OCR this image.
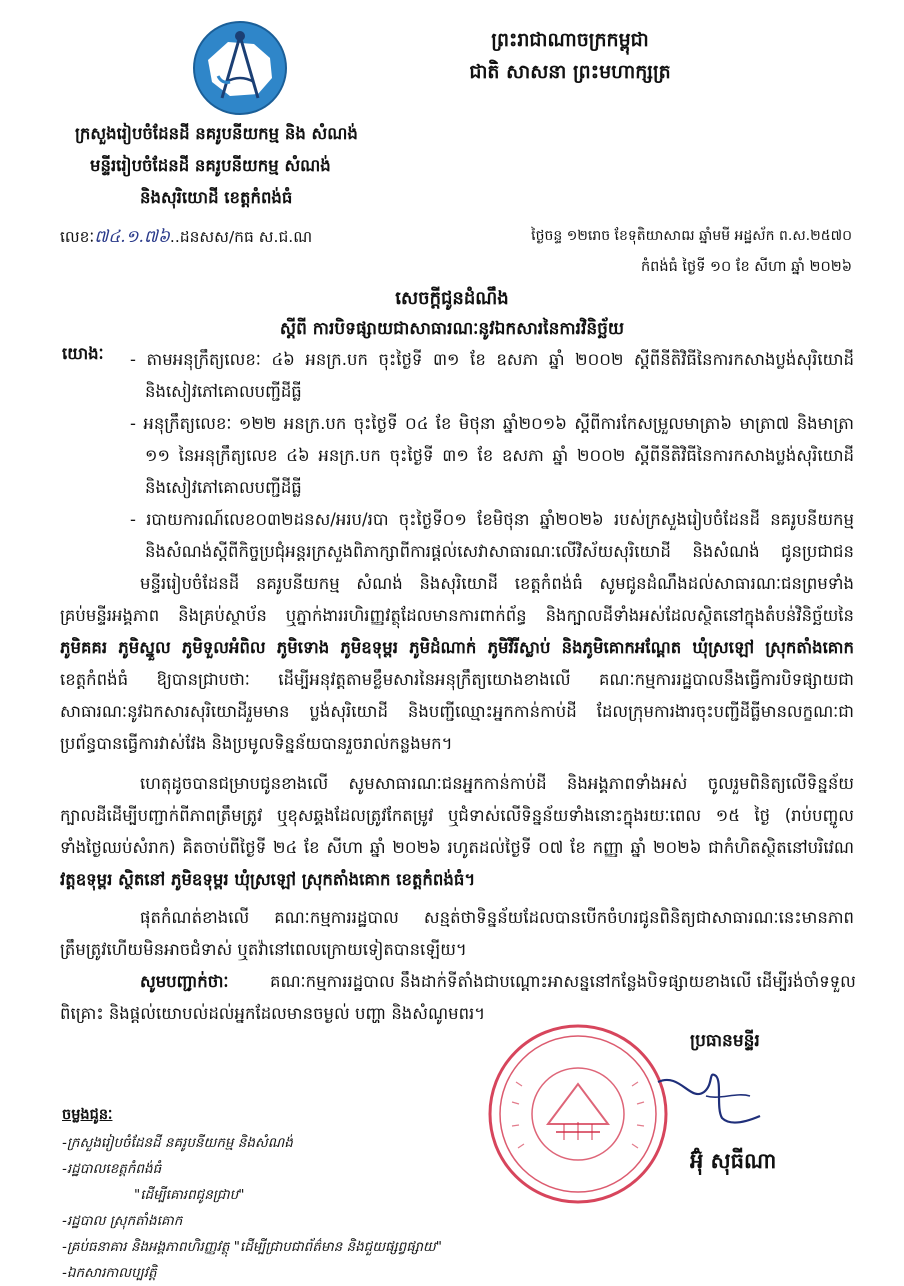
ព្រះរាជាណាចក្រកម្ពុជា
ជាតិ សាសនា ព្រះមហាក្សត្រ
ក្រសួងរៀបចំដែនដី នគរូបនីយកម្ម និង សំណង់
មន្ទីររៀបចំដែនដី នគរូបនីយកម្ម សំណង់
និងសុរិយោដី ខេត្តកំពង់ធំ
លេខៈ៧៤.១.៧៦..ដនសស/កធ ស.ជ.ណ	ថ្ងៃចន្ទ ១២រោច ខែទុតិយាសាឍ ឆ្នាំមមី អដ្ឋស័ក ព.ស.២៥៧០
កំពង់ធំ ថ្ងៃទី ១០ ខែ សីហា ឆ្នាំ ២០២៦
សេចក្តីជូនដំណឹង
ស្តីពី ការបិទផ្សាយជាសាធារណៈនូវឯកសារនៃការវិនិច្ឆ័យ
យោងៈ - តាមអនុក្រឹត្យលេខៈ ៤៦ អនក្រ.បក ចុះថ្ងៃទី ៣១ ខែ ឧសភា ឆ្នាំ ២០០២ ស្តីពីនីតិវិធីនៃការកសាងប្លង់សុរិយោដី
និងសៀវភៅគោលបញ្ជីដីធ្លី
- អនុក្រឹត្យលេខៈ ១២២ អនក្រ.បក ចុះថ្ងៃទី ០៤ ខែ មិថុនា ឆ្នាំ២០១៦ ស្តីពីការកែសម្រួលមាត្រា៦ មាត្រា៧ និងមាត្រា
១១ នៃអនុក្រឹត្យលេខ ៤៦ អនក្រ.បក ចុះថ្ងៃទី ៣១ ខែ ឧសភា ឆ្នាំ ២០០២ ស្តីពីនីតិវិធីនៃការកសាងប្លង់សុរិយោដី
និងសៀវភៅគោលបញ្ជីដីធ្លី
- របាយការណ៍លេខ០៣២ដនស/អរប/របា ចុះថ្ងៃទី០១ ខែមិថុនា ឆ្នាំ២០២៦ របស់ក្រសួងរៀបចំដែនដី នគរូបនីយកម្ម
និងសំណង់ស្តីពីកិច្ចប្រជុំអន្តរក្រសួងពិភាក្សាពីការផ្តល់សេវាសាធារណៈលើវិស័យសុរិយោដី និងសំណង់ ជូនប្រជាជន
មន្ទីររៀបចំដែនដី នគរូបនីយកម្ម សំណង់ និងសុរិយោដី ខេត្តកំពង់ធំ សូមជូនដំណឹងដល់សាធារណៈជនព្រមទាំង
គ្រប់មន្ទីរអង្គភាព និងគ្រប់ស្ថាប័ន ឬភ្នាក់ងាររហិរញ្ញវត្ថុដែលមានការពាក់ព័ន្ធ និងក្បាលដីទាំងអស់ដែលស្ថិតនៅក្នុងតំបន់វិនិច្ឆ័យនៃ
ភូមិគគរ ភូមិស្នួល ភូមិទួលអំពិល ភូមិទោង ភូមិឧទុម្ពរ ភូមិដំណាក់ ភូមិវិរីស្លាប់ និងភូមិគោកអណ្តែត ឃុំស្រឡៅ ស្រុកតាំងគោក
ខេត្តកំពង់ធំ ឱ្យបានជ្រាបថាៈ ដើម្បីអនុវត្តតាមខ្លឹមសារនៃអនុក្រឹត្យយោងខាងលើ គណៈកម្មការរដ្ឋបាលនឹងធ្វើការបិទផ្សាយជា
សាធារណៈនូវឯកសារសុរិយោដីរួមមាន ប្លង់សុរិយោដី និងបញ្ជីឈ្មោះអ្នកកាន់កាប់ដី ដែលក្រុមការងារចុះបញ្ជីដីធ្លីមានលក្ខណៈជា
ប្រព័ន្ធបានធ្វើការវាស់វែង និងប្រមូលទិន្នន័យបានរួចរាល់កន្លងមក។
ហេតុដូចបានជម្រាបជូនខាងលើ សូមសាធារណៈជនអ្នកកាន់កាប់ដី និងអង្គភាពទាំងអស់ ចូលរួមពិនិត្យលើទិន្នន័យ
ក្បាលដីដើម្បីបញ្ជាក់ពីភាពត្រឹមត្រូវ ឬខុសឆ្គងដែលត្រូវកែតម្រូវ ឬជំទាស់លើទិន្នន័យទាំងនោះក្នុងរយៈពេល ១៥ ថ្ងៃ (រាប់បញ្ចូល
ទាំងថ្ងៃឈប់សំរាក) គិតចាប់ពីថ្ងៃទី ២៤ ខែ សីហា ឆ្នាំ ២០២៦ រហូតដល់ថ្ងៃទី ០៧ ខែ កញ្ញា ឆ្នាំ ២០២៦ ជាកំហិតស្ថិតនៅបរិវេណ
វត្តឧទុម្ពរ ស្ថិតនៅ ភូមិឧទុម្ពរ ឃុំស្រឡៅ ស្រុកតាំងគោក ខេត្តកំពង់ធំ។
ផុតកំណត់ខាងលើ គណៈកម្មការរដ្ឋបាល សន្មត់ថាទិន្នន័យដែលបានបើកចំហរជូនពិនិត្យជាសាធារណៈនេះមានភាព
ត្រឹមត្រូវហើយមិនអាចជំទាស់ ឬតវ៉ានៅពេលក្រោយទៀតបានឡើយ។
សូមបញ្ជាក់ថាៈ	គណៈកម្មការរដ្ឋបាល នឹងដាក់ទីតាំងជាបណ្តោះអាសន្ននៅកន្លែងបិទផ្សាយខាងលើ ដើម្បីរង់ចាំទទួល
ពិគ្រោះ និងផ្តល់យោបល់ដល់អ្នកដែលមានចម្ងល់ បញ្ហា និងសំណូមពរ។
ប្រធានមន្ទីរ
អ៊ុំ សុធីណា
ចម្លងជូនៈ
-ក្រសួងរៀបចំដែនដី នគរូបនីយកម្ម និងសំណង់
-រដ្ឋបាលខេត្តកំពង់ធំ
"ដើម្បីគោរពជូនជ្រាប"
-រដ្ឋបាល ស្រុកតាំងគោក
-គ្រប់ធនាគារ និងអង្គភាពហិរញ្ញវត្ថុ "ដើម្បីជ្រាបជាព័ត៌មាន និងជួយផ្សព្វផ្សាយ"
-ឯកសារកាលប្បវត្តិ
